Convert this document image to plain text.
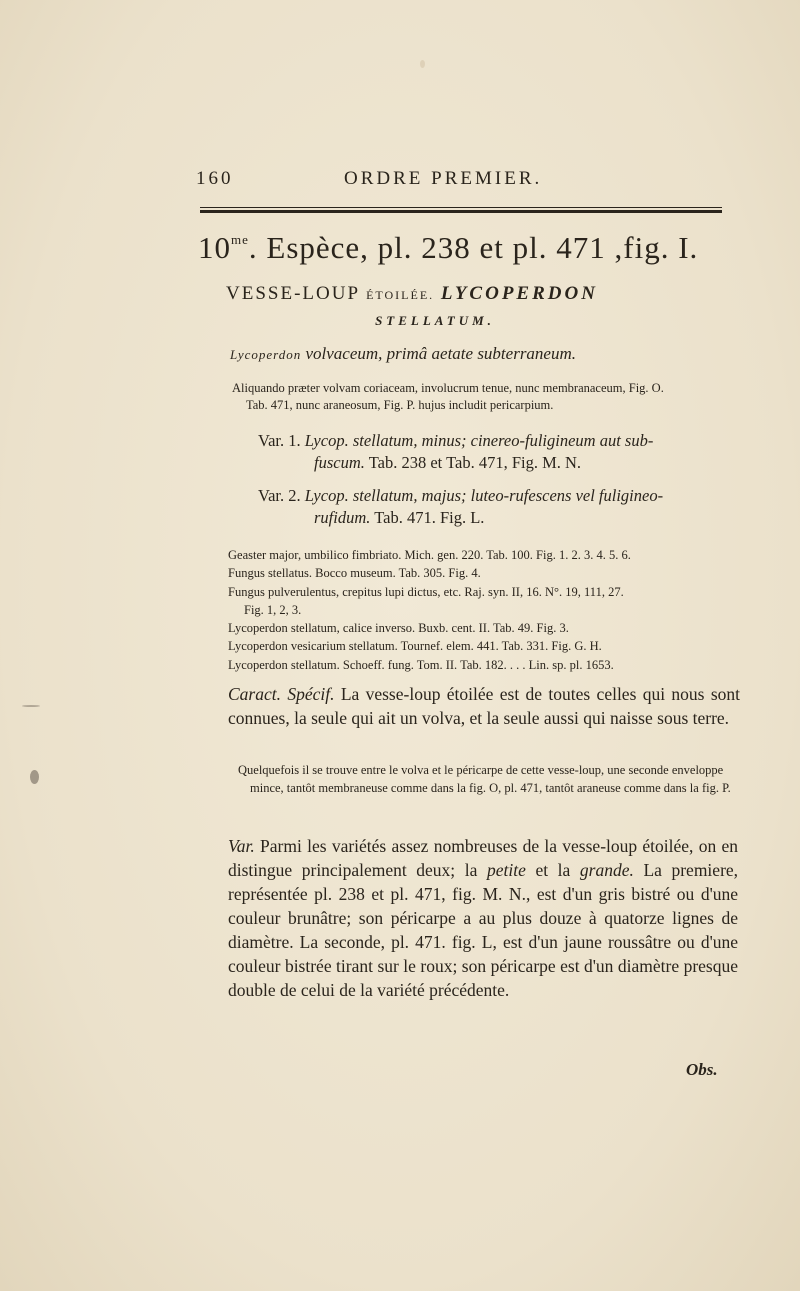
160	ORDRE PREMIER.
$10^{me}$. Espèce, pl. 238 et pl. 471 ,fig. I.
VESSE-LOUP ÉTOILÉE. LYCOPERDON
STELLATUM.
Lycoperdon volvaceum, primâ aetate subterraneum.
Aliquando præter volvam coriaceam, involucrum tenue, nunc membranaceum, Fig. O.
Tab. 471, nunc araneosum, Fig. P. hujus includit pericarpium.
Var. 1. Lycop. stellatum, minus; cinereo-fuligineum aut sub-
fuscum. Tab. 238 et Tab. 471, Fig. M. N.
Var. 2. Lycop. stellatum, majus; luteo-rufescens vel fuligineo-
rufidum. Tab. 471. Fig. L.
Geaster major, umbilico fimbriato. Mich. gen. 220. Tab. 100. Fig. 1. 2. 3. 4. 5. 6.
Fungus stellatus. Bocco museum. Tab. 305. Fig. 4.
Fungus pulverulentus, crepitus lupi dictus, etc. Raj. syn. II, 16. N°. 19, 111, 27.
Fig. 1, 2, 3.
Lycoperdon stellatum, calice inverso. Buxb. cent. II. Tab. 49. Fig. 3.
Lycoperdon vesicarium stellatum. Tournef. elem. 441. Tab. 331. Fig. G. H.
Lycoperdon stellatum. Schoeff. fung. Tom. II. Tab. 182. . . . Lin. sp. pl. 1653.
Caract. Spécif. La vesse-loup étoilée est de toutes celles qui nous sont connues, la seule qui ait un volva, et la seule aussi qui naisse sous terre.
Quelquefois il se trouve entre le volva et le péricarpe de cette vesse-loup, une seconde enveloppe mince, tantôt membraneuse comme dans la fig. O, pl. 471, tantôt araneuse comme dans la fig. P.
Var. Parmi les variétés assez nombreuses de la vesse-loup étoilée, on en distingue principalement deux; la petite et la grande. La premiere, représentée pl. 238 et pl. 471, fig. M. N., est d'un gris bistré ou d'une couleur brunâtre; son péricarpe a au plus douze à quatorze lignes de diamètre. La seconde, pl. 471. fig. L, est d'un jaune roussâtre ou d'une couleur bistrée tirant sur le roux; son péricarpe est d'un diamètre presque double de celui de la variété précédente.
Obs.
